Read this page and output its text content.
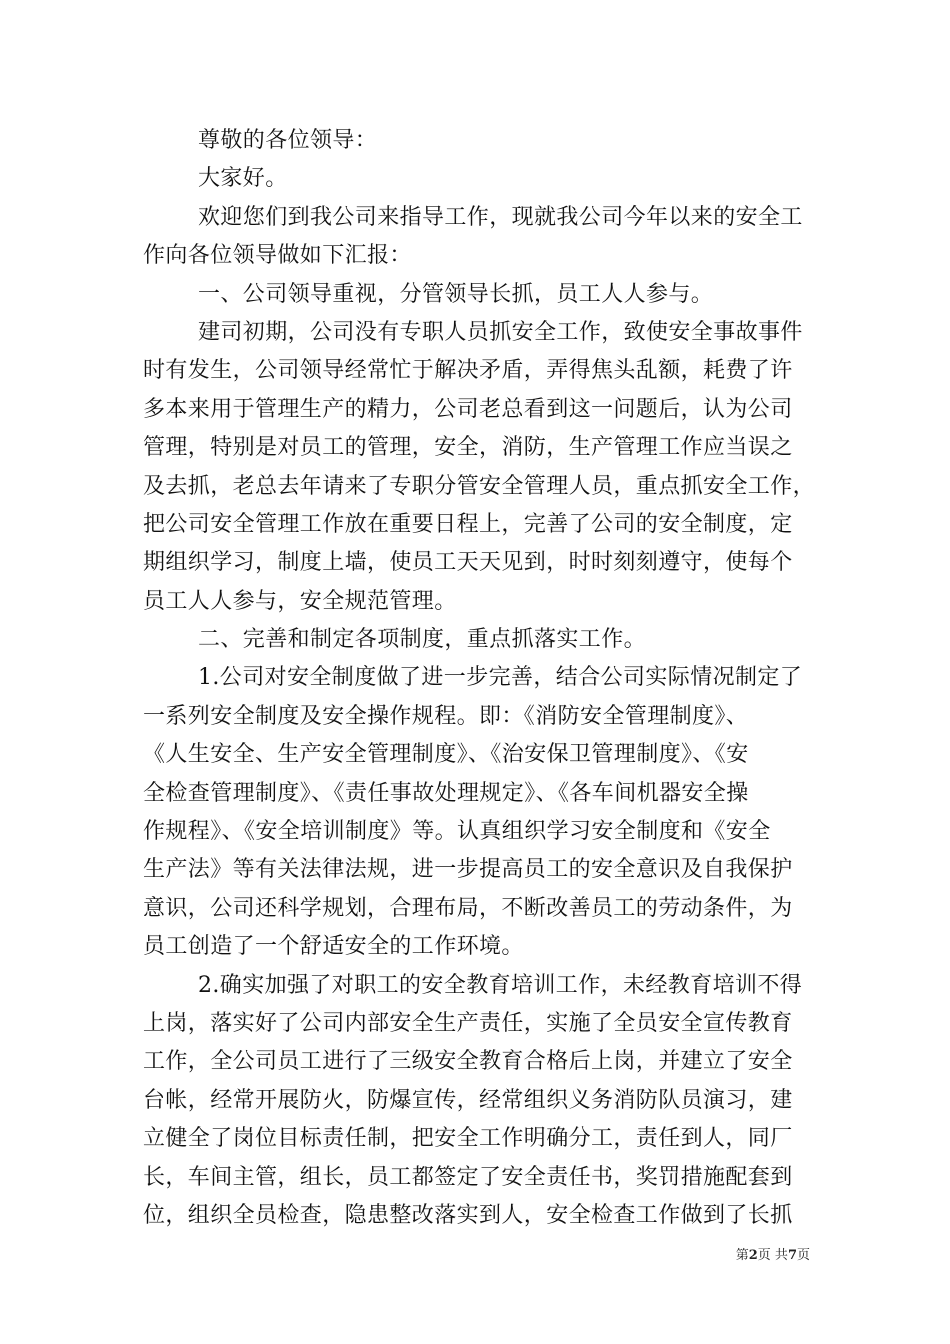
尊敬的各位领导：
大家好。
欢迎您们到我公司来指导工作，现就我公司今年以来的安全工
作向各位领导做如下汇报：
一、公司领导重视，分管领导长抓，员工人人参与。
建司初期，公司没有专职人员抓安全工作，致使安全事故事件
时有发生，公司领导经常忙于解决矛盾，弄得焦头乱额，耗费了许
多本来用于管理生产的精力，公司老总看到这一问题后，认为公司
管理，特别是对员工的管理，安全，消防，生产管理工作应当误之
及去抓，老总去年请来了专职分管安全管理人员，重点抓安全工作，
把公司安全管理工作放在重要日程上，完善了公司的安全制度，定
期组织学习，制度上墙，使员工天天见到，时时刻刻遵守，使每个
员工人人参与，安全规范管理。
二、完善和制定各项制度，重点抓落实工作。
1.公司对安全制度做了进一步完善，结合公司实际情况制定了
一系列安全制度及安全操作规程。即：《消防安全管理制度》、
《人生安全、生产安全管理制度》、《治安保卫管理制度》、《安
全检查管理制度》、《责任事故处理规定》、《各车间机器安全操
作规程》、《安全培训制度》等。认真组织学习安全制度和《安全
生产法》等有关法律法规，进一步提高员工的安全意识及自我保护
意识，公司还科学规划，合理布局，不断改善员工的劳动条件，为
员工创造了一个舒适安全的工作环境。
2.确实加强了对职工的安全教育培训工作，未经教育培训不得
上岗，落实好了公司内部安全生产责任，实施了全员安全宣传教育
工作，全公司员工进行了三级安全教育合格后上岗，并建立了安全
台帐，经常开展防火，防爆宣传，经常组织义务消防队员演习，建
立健全了岗位目标责任制，把安全工作明确分工，责任到人，同厂
长，车间主管，组长，员工都签定了安全责任书，奖罚措施配套到
位，组织全员检查，隐患整改落实到人，安全检查工作做到了长抓
第2页 共7页
